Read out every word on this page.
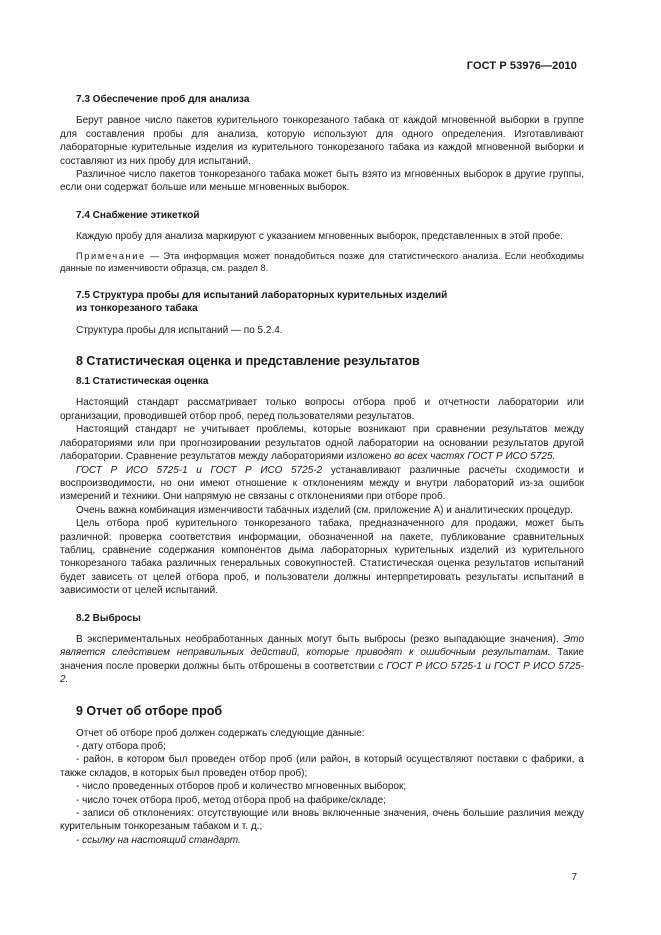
ГОСТ Р 53976—2010
7.3 Обеспечение проб для анализа

Берут равное число пакетов курительного тонкорезаного табака от каждой мгновенной выборки в группе для составления пробы для анализа, которую используют для одного определения. Изготавливают лабораторные курительные изделия из курительного тонкорезаного табака из каждой мгновенной выборки и составляют из них пробу для испытаний.

Различное число пакетов тонкорезаного табака может быть взято из мгновенных выборок в другие группы, если они содержат больше или меньше мгновенных выборок.

7.4 Снабжение этикеткой

Каждую пробу для анализа маркируют с указанием мгновенных выборок, представленных в этой пробе.

Примечание — Эта информация может понадобиться позже для статистического анализа. Если необходимы данные по изменчивости образца, см. раздел 8.

7.5 Структура пробы для испытаний лабораторных курительных изделий
из тонкорезаного табака

Структура пробы для испытаний — по 5.2.4.

8 Статистическая оценка и представление результатов
8.1 Статистическая оценка

Настоящий стандарт рассматривает только вопросы отбора проб и отчетности лаборатории или организации, проводившей отбор проб, перед пользователями результатов.

Настоящий стандарт не учитывает проблемы, которые возникают при сравнении результатов между лабораториями или при прогнозировании результатов одной лаборатории на основании результатов другой лаборатории. Сравнение результатов между лабораториями изложено во всех частях ГОСТ Р ИСО 5725.

ГОСТ Р ИСО 5725-1 и ГОСТ Р ИСО 5725-2 устанавливают различные расчеты сходимости и воспроизводимости, но они имеют отношение к отклонениям между и внутри лабораторий из-за ошибок измерений и техники. Они напрямую не связаны с отклонениями при отборе проб.

Очень важна комбинация изменчивости табачных изделий (см. приложение А) и аналитических процедур.

Цель отбора проб курительного тонкорезаного табака, предназначенного для продажи, может быть различной: проверка соответствия информации, обозначенной на пакете, публикование сравнительных таблиц, сравнение содержания компонентов дыма лабораторных курительных изделий из курительного тонкорезаного табака различных генеральных совокупностей. Статистическая оценка результатов испытаний будет зависеть от целей отбора проб, и пользователи должны интерпретировать результаты испытаний в зависимости от целей испытаний.

8.2 Выбросы

В экспериментальных необработанных данных могут быть выбросы (резко выпадающие значения). Это является следствием неправильных действий, которые приводят к ошибочным результатам. Такие значения после проверки должны быть отброшены в соответствии с ГОСТ Р ИСО 5725-1 и ГОСТ Р ИСО 5725-2.

9 Отчет об отборе проб

Отчет об отборе проб должен содержать следующие данные:

- дату отбора проб;

- район, в котором был проведен отбор проб (или район, в который осуществляют поставки с фабрики, а также складов, в которых был проведен отбор проб);

- число проведенных отборов проб и количество мгновенных выборок;

- число точек отбора проб, метод отбора проб на фабрике/складе;

- записи об отклонениях: отсутствующие или вновь включенные значения, очень большие различия между курительным тонкорезаным табаком и т. д.;

- ссылку на настоящий стандарт.

7
